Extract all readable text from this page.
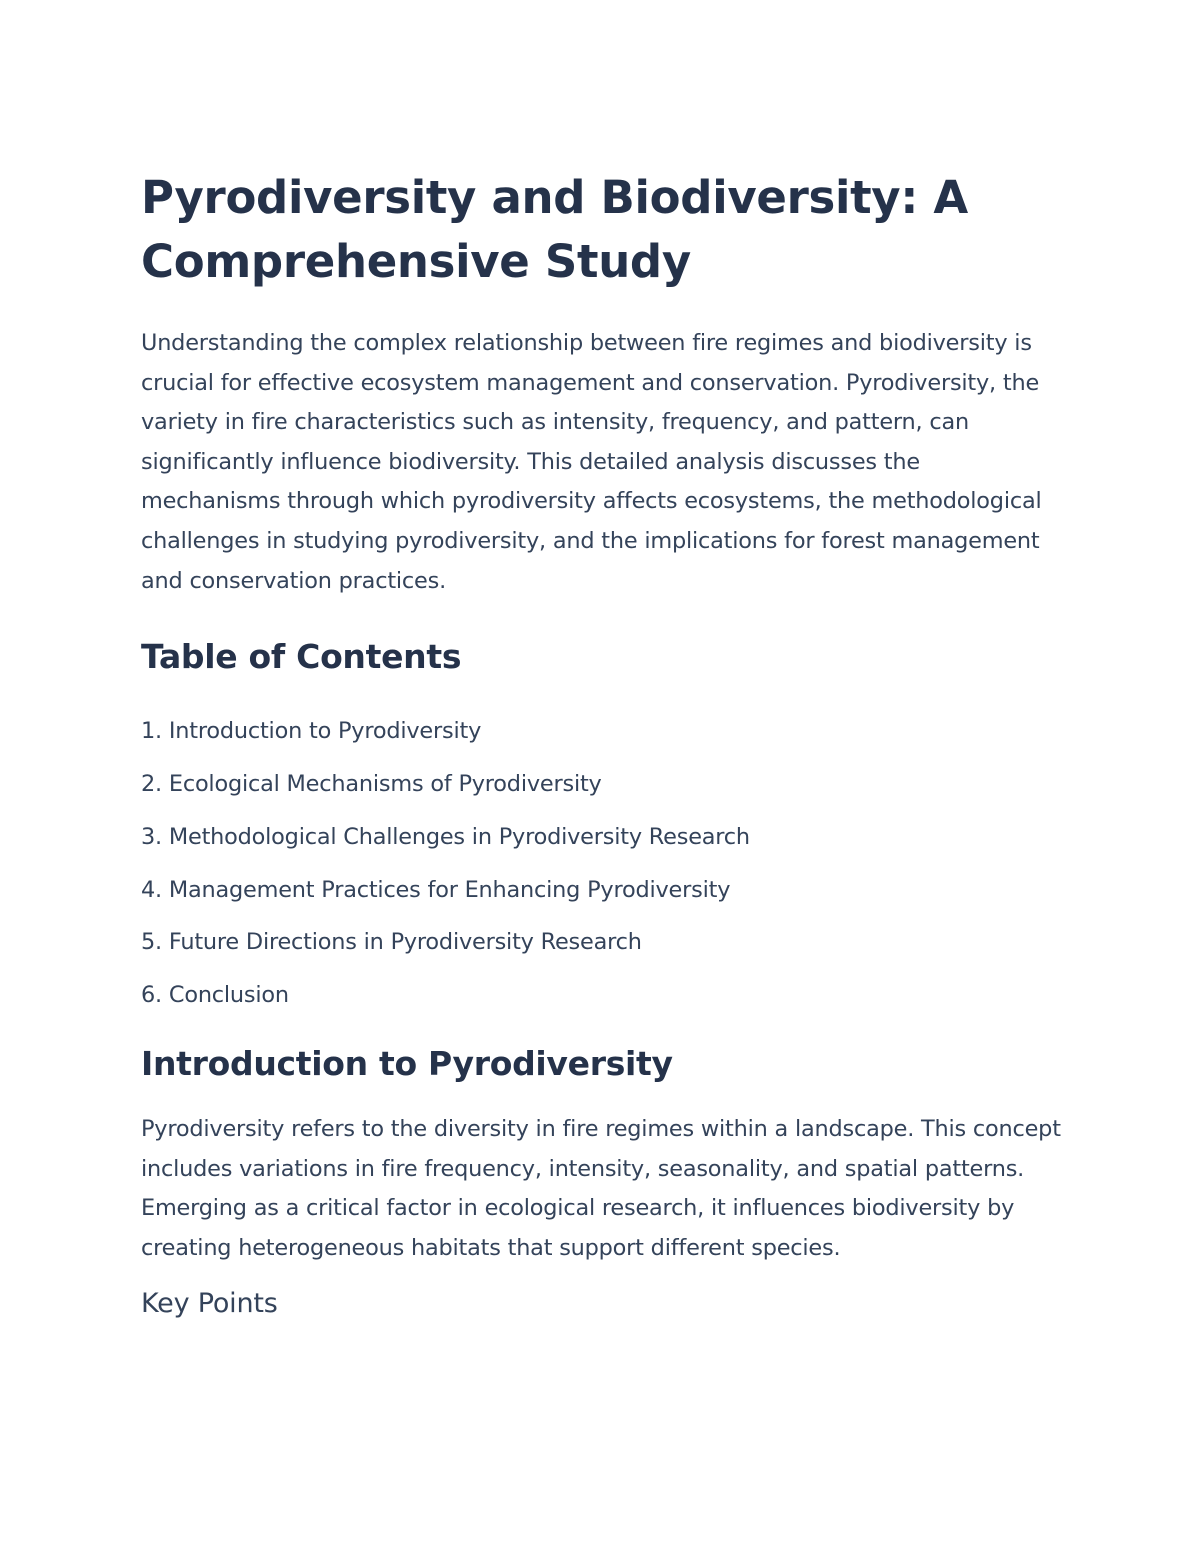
Pyrodiversity and Biodiversity: A Comprehensive Study

Understanding the complex relationship between fire regimes and biodiversity is crucial for effective ecosystem management and conservation. Pyrodiversity, the variety in fire characteristics such as intensity, frequency, and pattern, can significantly influence biodiversity. This detailed analysis discusses the mechanisms through which pyrodiversity affects ecosystems, the methodological challenges in studying pyrodiversity, and the implications for forest management and conservation practices.

Table of Contents
1. Introduction to Pyrodiversity
2. Ecological Mechanisms of Pyrodiversity
3. Methodological Challenges in Pyrodiversity Research
4. Management Practices for Enhancing Pyrodiversity
5. Future Directions in Pyrodiversity Research
6. Conclusion
Introduction to Pyrodiversity

Pyrodiversity refers to the diversity in fire regimes within a landscape. This concept includes variations in fire frequency, intensity, seasonality, and spatial patterns. Emerging as a critical factor in ecological research, it influences biodiversity by creating heterogeneous habitats that support different species.

Key Points
